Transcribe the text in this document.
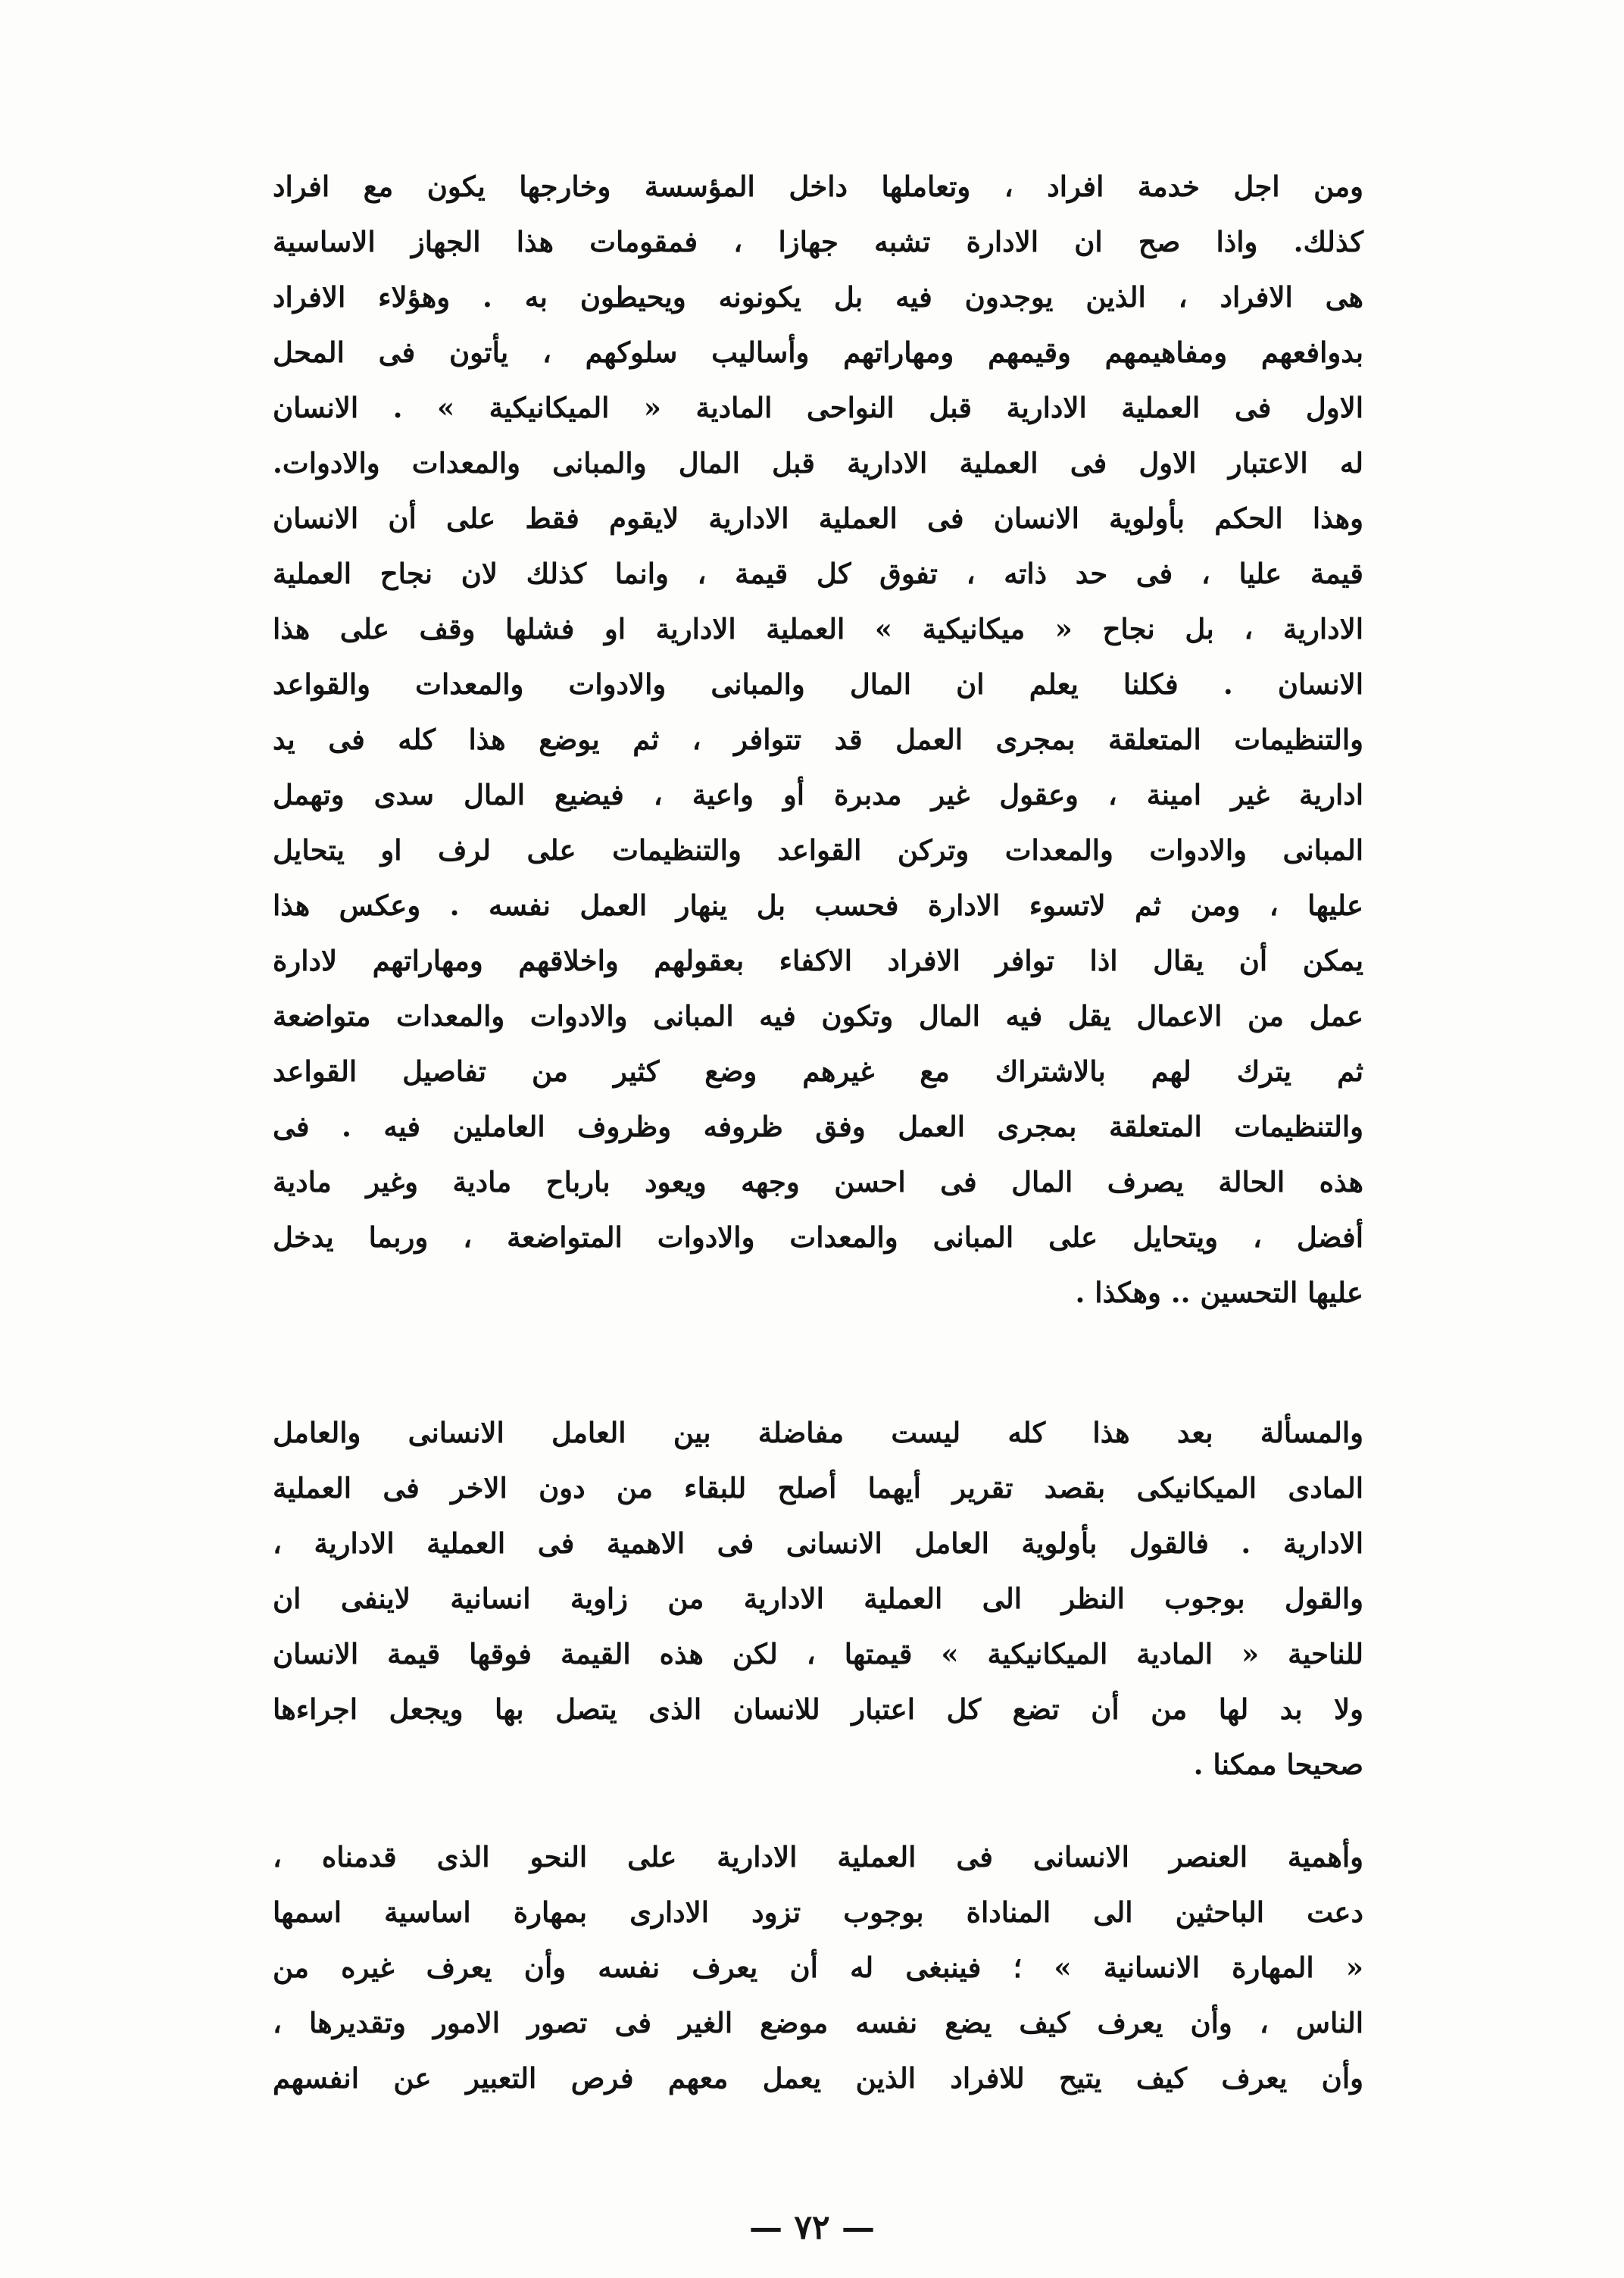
ومن اجل خدمة افراد ، وتعاملها داخل المؤسسة وخارجها يكون مع افراد
كذلك. واذا صح ان الادارة تشبه جهازا ، فمقومات هذا الجهاز الاساسية
هى الافراد ، الذين يوجدون فيه بل يكونونه ويحيطون به . وهؤلاء الافراد
بدوافعهم ومفاهيمهم وقيمهم ومهاراتهم وأساليب سلوكهم ، يأتون فى المحل
الاول فى العملية الادارية قبل النواحى المادية « الميكانيكية » . الانسان
له الاعتبار الاول فى العملية الادارية قبل المال والمبانى والمعدات والادوات.
وهذا الحكم بأولوية الانسان فى العملية الادارية لايقوم فقط على أن الانسان
قيمة عليا ، فى حد ذاته ، تفوق كل قيمة ، وانما كذلك لان نجاح العملية
الادارية ، بل نجاح « ميكانيكية » العملية الادارية او فشلها وقف على هذا
الانسان . فكلنا يعلم ان المال والمبانى والادوات والمعدات والقواعد
والتنظيمات المتعلقة بمجرى العمل قد تتوافر ، ثم يوضع هذا كله فى يد
ادارية غير امينة ، وعقول غير مدبرة أو واعية ، فيضيع المال سدى وتهمل
المبانى والادوات والمعدات وتركن القواعد والتنظيمات على لرف او يتحايل
عليها ، ومن ثم لاتسوء الادارة فحسب بل ينهار العمل نفسه . وعكس هذا
يمكن أن يقال اذا توافر الافراد الاكفاء بعقولهم واخلاقهم ومهاراتهم لادارة
عمل من الاعمال يقل فيه المال وتكون فيه المبانى والادوات والمعدات متواضعة
ثم يترك لهم بالاشتراك مع غيرهم وضع كثير من تفاصيل القواعد
والتنظيمات المتعلقة بمجرى العمل وفق ظروفه وظروف العاملين فيه . فى
هذه الحالة يصرف المال فى احسن وجهه ويعود بارباح مادية وغير مادية
أفضل ، ويتحايل على المبانى والمعدات والادوات المتواضعة ، وربما يدخل
عليها التحسين .. وهكذا .
والمسألة بعد هذا كله ليست مفاضلة بين العامل الانسانى والعامل
المادى الميكانيكى بقصد تقرير أيهما أصلح للبقاء من دون الاخر فى العملية
الادارية . فالقول بأولوية العامل الانسانى فى الاهمية فى العملية الادارية ،
والقول بوجوب النظر الى العملية الادارية من زاوية انسانية لاينفى ان
للناحية « المادية الميكانيكية » قيمتها ، لكن هذه القيمة فوقها قيمة الانسان
ولا بد لها من أن تضع كل اعتبار للانسان الذى يتصل بها ويجعل اجراءها
صحيحا ممكنا .
وأهمية العنصر الانسانى فى العملية الادارية على النحو الذى قدمناه ،
دعت الباحثين الى المناداة بوجوب تزود الادارى بمهارة اساسية اسمها
« المهارة الانسانية » ؛ فينبغى له أن يعرف نفسه وأن يعرف غيره من
الناس ، وأن يعرف كيف يضع نفسه موضع الغير فى تصور الامور وتقديرها ،
وأن يعرف كيف يتيح للافراد الذين يعمل معهم فرص التعبير عن انفسهم
— ٧٢ —
